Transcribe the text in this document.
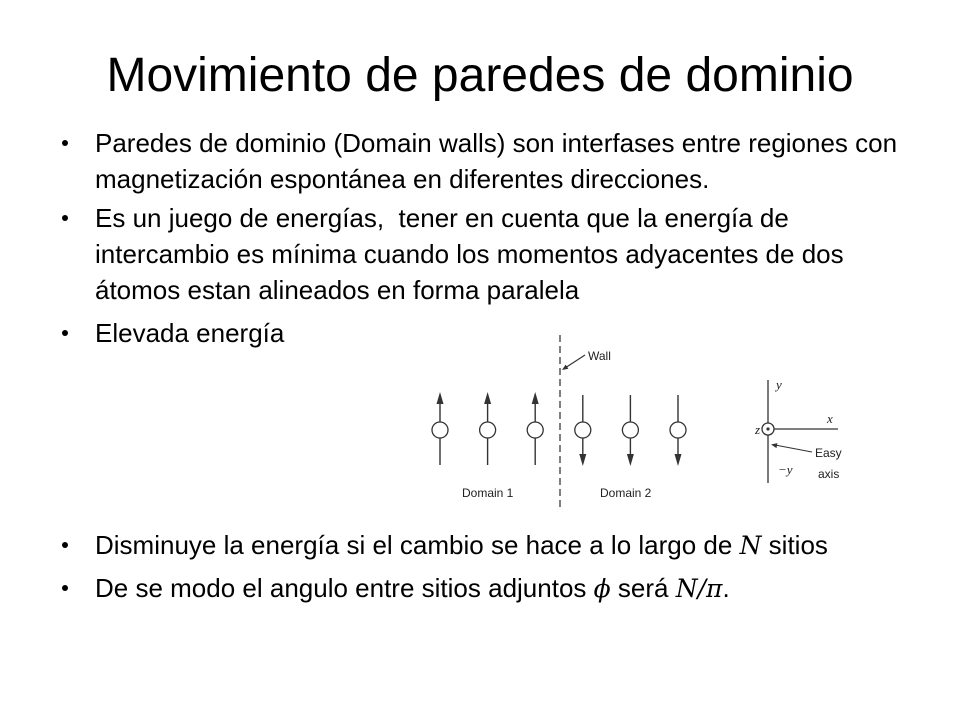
Movimiento de paredes de dominio
Paredes de dominio (Domain walls) son interfases entre regiones con
magnetización espontánea en diferentes direcciones.
Es un juego de energías,  tener en cuenta que la energía de
intercambio es mínima cuando los momentos adyacentes de dos
átomos estan alineados en forma paralela
Elevada energía
Disminuye la energía si el cambio se hace a lo largo de N sitios
De se modo el angulo entre sitios adjuntos ϕ será N/π.
Wall
Domain 1	Domain 2
y
x
z
−y
Easy
axis
